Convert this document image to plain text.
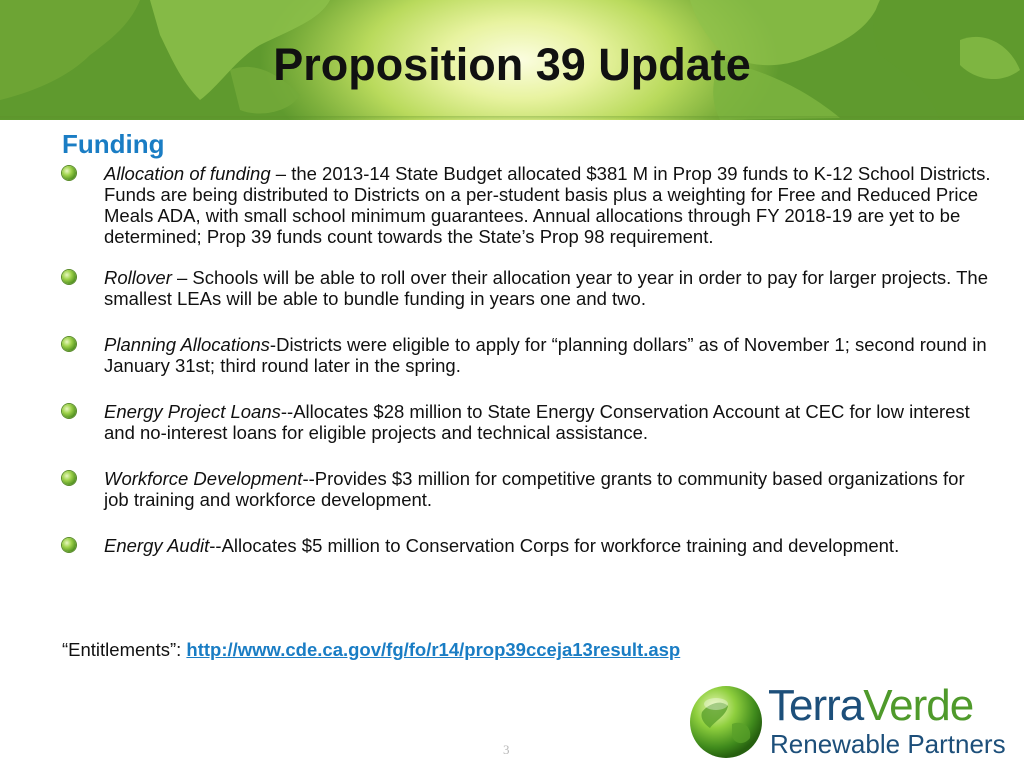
Proposition 39 Update
Funding
Allocation of funding – the 2013-14 State Budget allocated $381 M in Prop 39 funds to K-12 School Districts. Funds are being distributed to Districts on a per-student basis plus a weighting for Free and Reduced Price Meals ADA, with small school minimum guarantees. Annual allocations through FY 2018-19 are yet to be determined; Prop 39 funds count towards the State’s Prop 98 requirement.
Rollover – Schools will be able to roll over their allocation year to year in order to pay for larger projects. The smallest LEAs will be able to bundle funding in years one and two.
Planning Allocations-Districts were eligible to apply for “planning dollars” as of November 1; second round in January 31st; third round later in the spring.
Energy Project Loans--Allocates $28 million to State Energy Conservation Account at CEC for low interest and no-interest loans for eligible projects and technical assistance.
Workforce Development--Provides $3 million for competitive grants to community based organizations for job training and workforce development.
Energy Audit--Allocates $5 million to Conservation Corps for workforce training and development.
“Entitlements”: http://www.cde.ca.gov/fg/fo/r14/prop39cceja13result.asp
3
TerraVerde
Renewable Partners
